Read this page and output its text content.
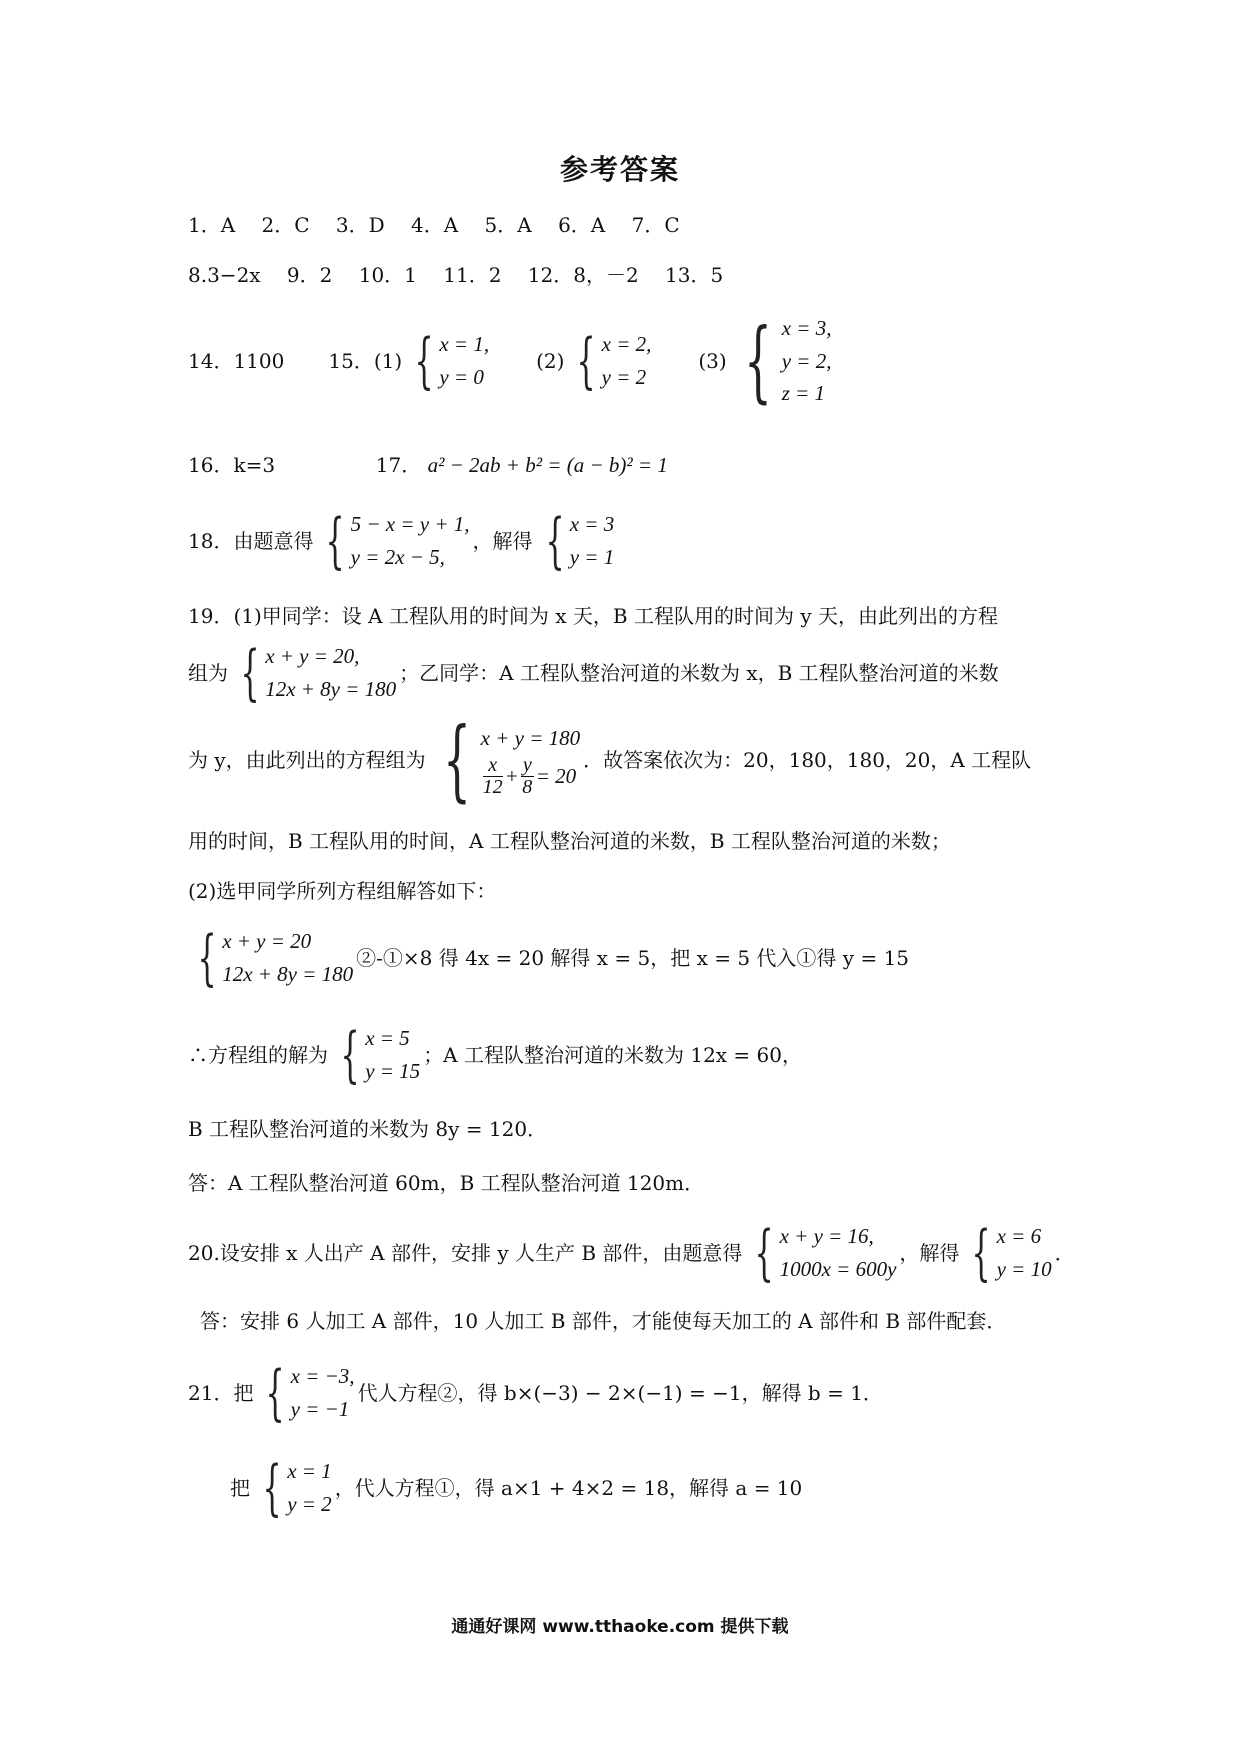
参考答案
1．A　 2．C　 3．D　 4．A　 5．A　 6．A　 7．C
8.3−2x　 9．2　 10．1　 11．2　 12．8，－2　 13．5
14．1100 15． (1) { x = 1,
y = 0
(2) { x = 2,
y = 2
(3) { x = 3,
y = 2,
z = 1
16．k=3	17． a² − 2ab + b² = (a − b)² = 1
18．由题意得 { 5 − x = y + 1,
y = 2x − 5,
，解得 { x = 3
y = 1
19．(1)甲同学：设 A 工程队用的时间为 x 天，B 工程队用的时间为 y 天，由此列出的方程
组为 { x + y = 20,
12x + 8y = 180
；乙同学：A 工程队整治河道的米数为 x，B 工程队整治河道的米数
为 y，由此列出的方程组为 { x + y = 180
$\frac{x}{12} + \frac{y}{8} = 20$
．故答案依次为：20，180，180，20，A 工程队
用的时间，B 工程队用的时间，A 工程队整治河道的米数，B 工程队整治河道的米数；
(2)选甲同学所列方程组解答如下：
{ x + y = 20
12x + 8y = 180
②-①×8 得 4x = 20 解得 x = 5，把 x = 5 代入①得 y = 15
∴方程组的解为 { x = 5
y = 15
；A 工程队整治河道的米数为 12x = 60，
B 工程队整治河道的米数为 8y = 120．
答：A 工程队整治河道 60m，B 工程队整治河道 120m．
20.设安排 x 人出产 A 部件，安排 y 人生产 B 部件，由题意得 { x + y = 16,
1000x = 600y
，解得 { x = 6
y = 10
．
答：安排 6 人加工 A 部件，10 人加工 B 部件，才能使每天加工的 A 部件和 B 部件配套．
21．把 { x = −3,
y = −1
代人方程②，得 b×(−3) − 2×(−1) = −1，解得 b = 1．
把 { x = 1
y = 2
，代人方程①，得 a×1 + 4×2 = 18，解得 a = 10
通通好课网 www.tthaoke.com 提供下载
